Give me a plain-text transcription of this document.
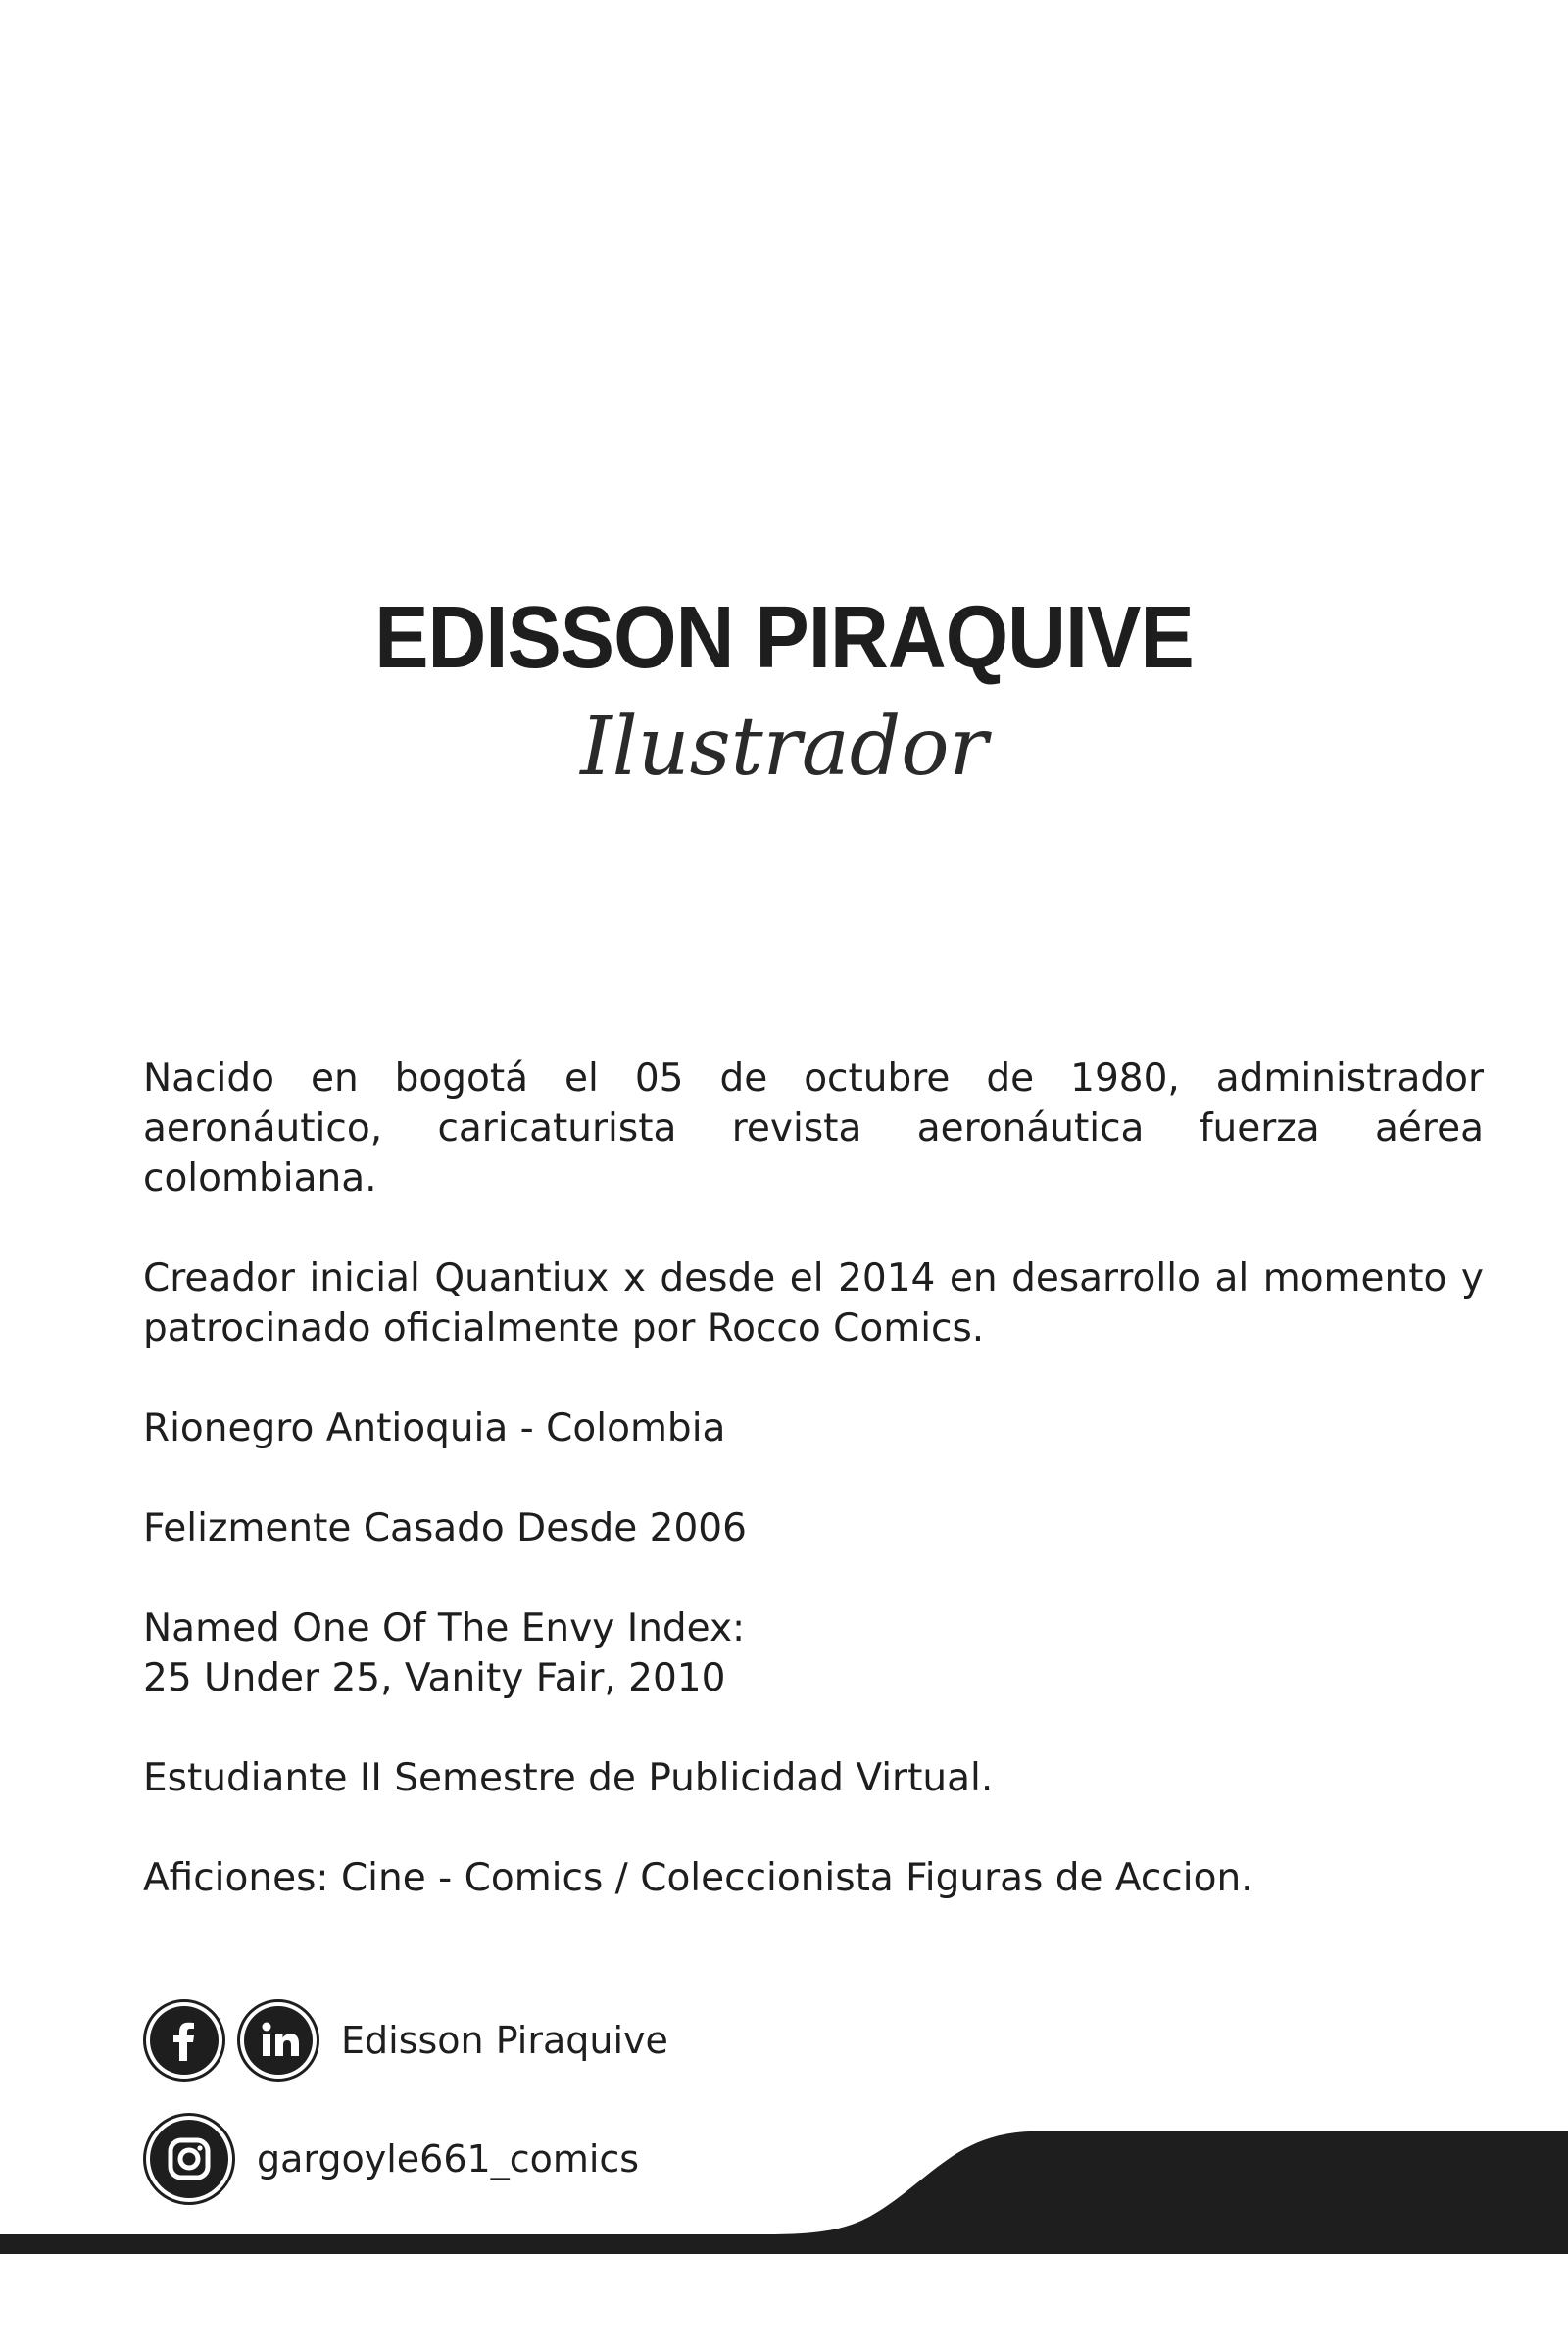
EDISSON PIRAQUIVE
Ilustrador

Nacido en bogotá el 05 de octubre de 1980, administrador aeronáutico, caricaturista revista aeronáutica fuerza aérea colombiana.

Creador inicial Quantiux x desde el 2014 en desarrollo al momento y patrocinado oficialmente por Rocco Comics.

Rionegro Antioquia - Colombia

Felizmente Casado Desde 2006

Named One Of The Envy Index:
25 Under 25, Vanity Fair, 2010

Estudiante II Semestre de Publicidad Virtual.

Aficiones: Cine - Comics / Coleccionista Figuras de Accion.

Edisson Piraquive
gargoyle661_comics
